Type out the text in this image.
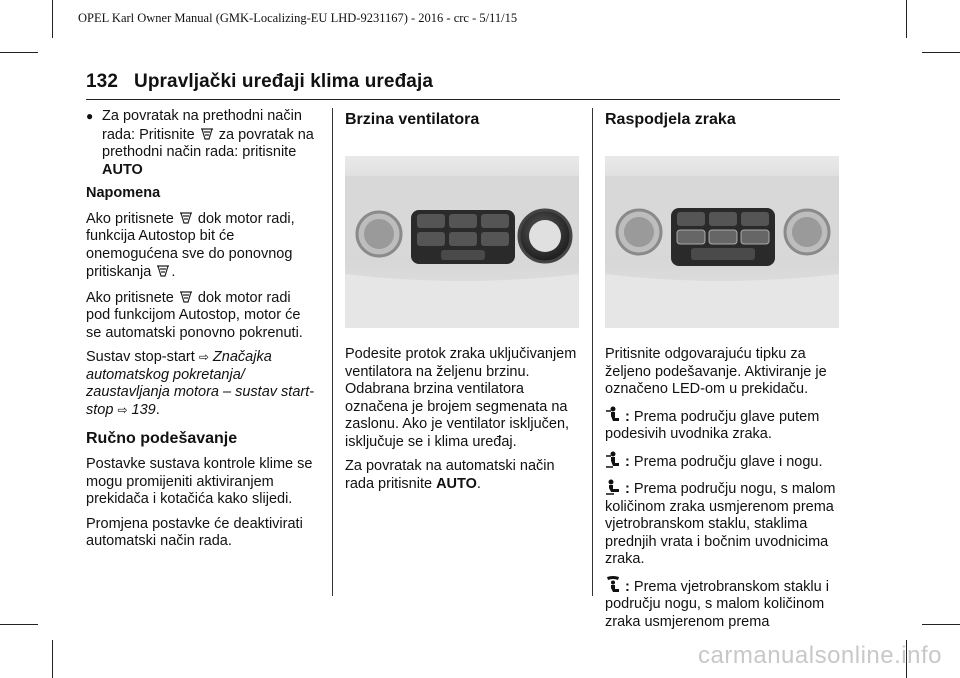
OPEL Karl Owner Manual (GMK-Localizing-EU LHD-9231167) - 2016 - crc - 5/11/15
132 Upravljački uređaji klima uređaja
● Za povratak na prethodni način rada: Pritisnite za povratak na prethodni način rada: pritisnite AUTO

Napomena

Ako pritisnete dok motor radi, funkcija Autostop bit će onemogućena sve do ponovnog pritiskanja .

Ako pritisnete dok motor radi pod funkcijom Autostop, motor će se automatski ponovno pokrenuti.

Sustav stop-start ⇨ Značajka automatskog pokretanja/ zaustavljanja motora – sustav start-stop ⇨ 139.

Ručno podešavanje

Postavke sustava kontrole klime se mogu promijeniti aktiviranjem prekidača i kotačića kako slijedi.

Promjena postavke će deaktivirati automatski način rada.

Brzina ventilatora

Podesite protok zraka uključivanjem ventilatora na željenu brzinu. Odabrana brzina ventilatora označena je brojem segmenata na zaslonu. Ako je ventilator isključen, isključuje se i klima uređaj.

Za povratak na automatski način rada pritisnite AUTO.

Raspodjela zraka

Pritisnite odgovarajuću tipku za željeno podešavanje. Aktiviranje je označeno LED-om u prekidaču.

: Prema području glave putem podesivih uvodnika zraka.

: Prema području glave i nogu.

: Prema području nogu, s malom količinom zraka usmjerenom prema vjetrobranskom staklu, staklima prednjih vrata i bočnim uvodnicima zraka.

: Prema vjetrobranskom staklu i području nogu, s malom količinom zraka usmjerenom prema

carmanualsonline.info
